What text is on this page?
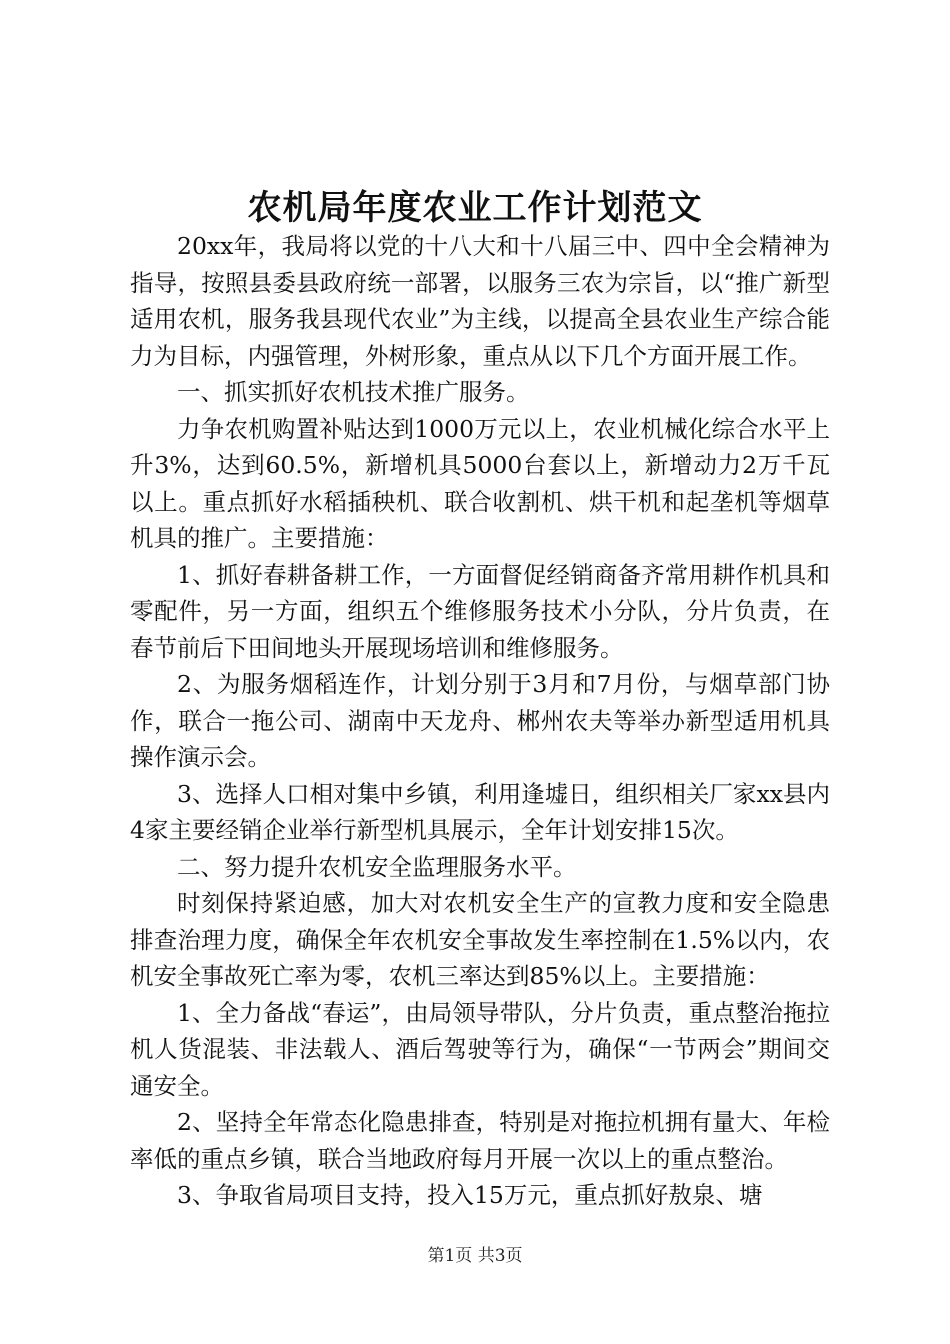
农机局年度农业工作计划范文

20xx年，我局将以党的十八大和十八届三中、四中全会精神为指导，按照县委县政府统一部署，以服务三农为宗旨，以“推广新型适用农机，服务我县现代农业”为主线，以提高全县农业生产综合能力为目标，内强管理，外树形象，重点从以下几个方面开展工作。

一、抓实抓好农机技术推广服务。

力争农机购置补贴达到1000万元以上，农业机械化综合水平上升3%，达到60.5%，新增机具5000台套以上，新增动力2万千瓦以上。重点抓好水稻插秧机、联合收割机、烘干机和起垄机等烟草机具的推广。主要措施：

1、抓好春耕备耕工作，一方面督促经销商备齐常用耕作机具和零配件，另一方面，组织五个维修服务技术小分队，分片负责，在春节前后下田间地头开展现场培训和维修服务。

2、为服务烟稻连作，计划分别于3月和7月份，与烟草部门协作，联合一拖公司、湖南中天龙舟、郴州农夫等举办新型适用机具操作演示会。

3、选择人口相对集中乡镇，利用逢墟日，组织相关厂家xx县内4家主要经销企业举行新型机具展示，全年计划安排15次。

二、努力提升农机安全监理服务水平。

时刻保持紧迫感，加大对农机安全生产的宣教力度和安全隐患排查治理力度，确保全年农机安全事故发生率控制在1.5%以内，农机安全事故死亡率为零，农机三率达到85%以上。主要措施：

1、全力备战“春运”，由局领导带队，分片负责，重点整治拖拉机人货混装、非法载人、酒后驾驶等行为，确保“一节两会”期间交通安全。

2、坚持全年常态化隐患排查，特别是对拖拉机拥有量大、年检率低的重点乡镇，联合当地政府每月开展一次以上的重点整治。

3、争取省局项目支持，投入15万元，重点抓好敖泉、塘

第1页 共3页
